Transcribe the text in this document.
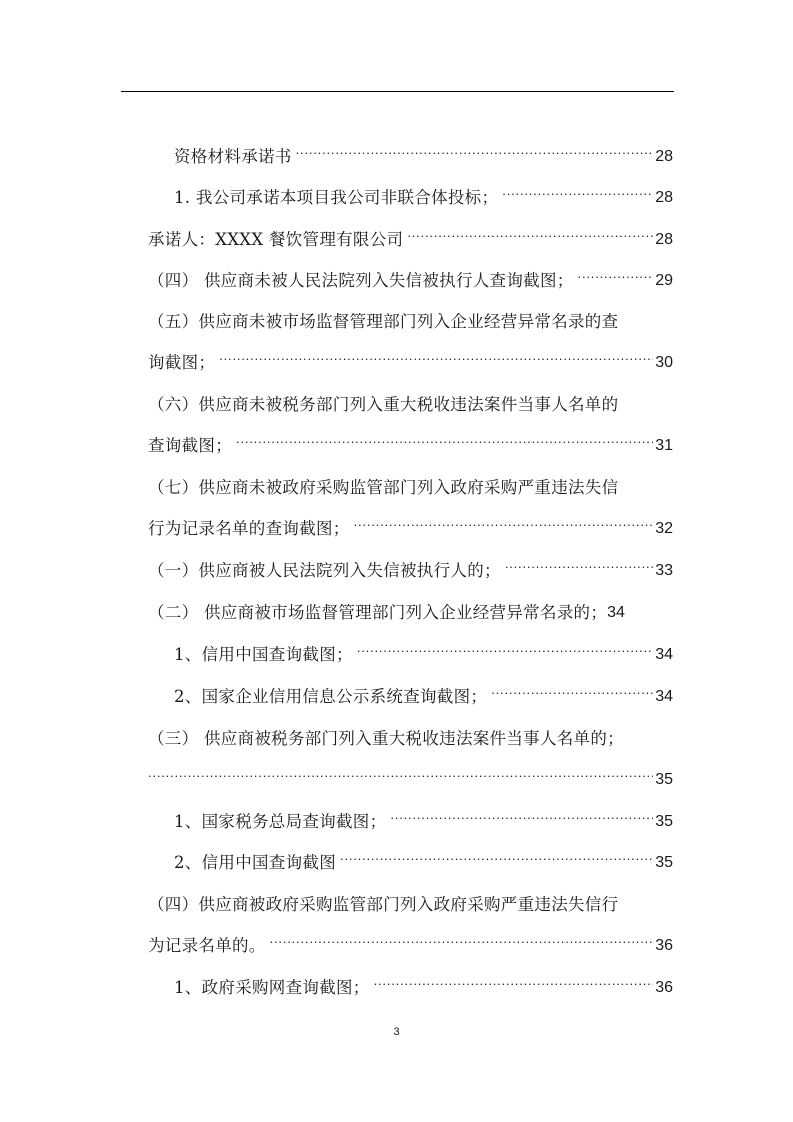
资格材料承诺书 .....	28
1. 我公司承诺本项目我公司非联合体投标； .....	28
承诺人：XXXX 餐饮管理有限公司 .....	28
（四） 供应商未被人民法院列入失信被执行人查询截图； .....	29
（五）供应商未被市场监督管理部门列入企业经营异常名录的查
询截图； .....	30
（六）供应商未被税务部门列入重大税收违法案件当事人名单的
查询截图； .....	31
（七）供应商未被政府采购监管部门列入政府采购严重违法失信
行为记录名单的查询截图； .....	32
（一）供应商被人民法院列入失信被执行人的； .....	33
（二） 供应商被市场监督管理部门列入企业经营异常名录的； 34
1、信用中国查询截图； .....	34
2、国家企业信用信息公示系统查询截图； .....	34
（三） 供应商被税务部门列入重大税收违法案件当事人名单的；
.....
35
1、国家税务总局查询截图； .....	35
2、信用中国查询截图 .....	35
（四）供应商被政府采购监管部门列入政府采购严重违法失信行
为记录名单的。 .....	36
1、政府采购网查询截图； .....	36
3
